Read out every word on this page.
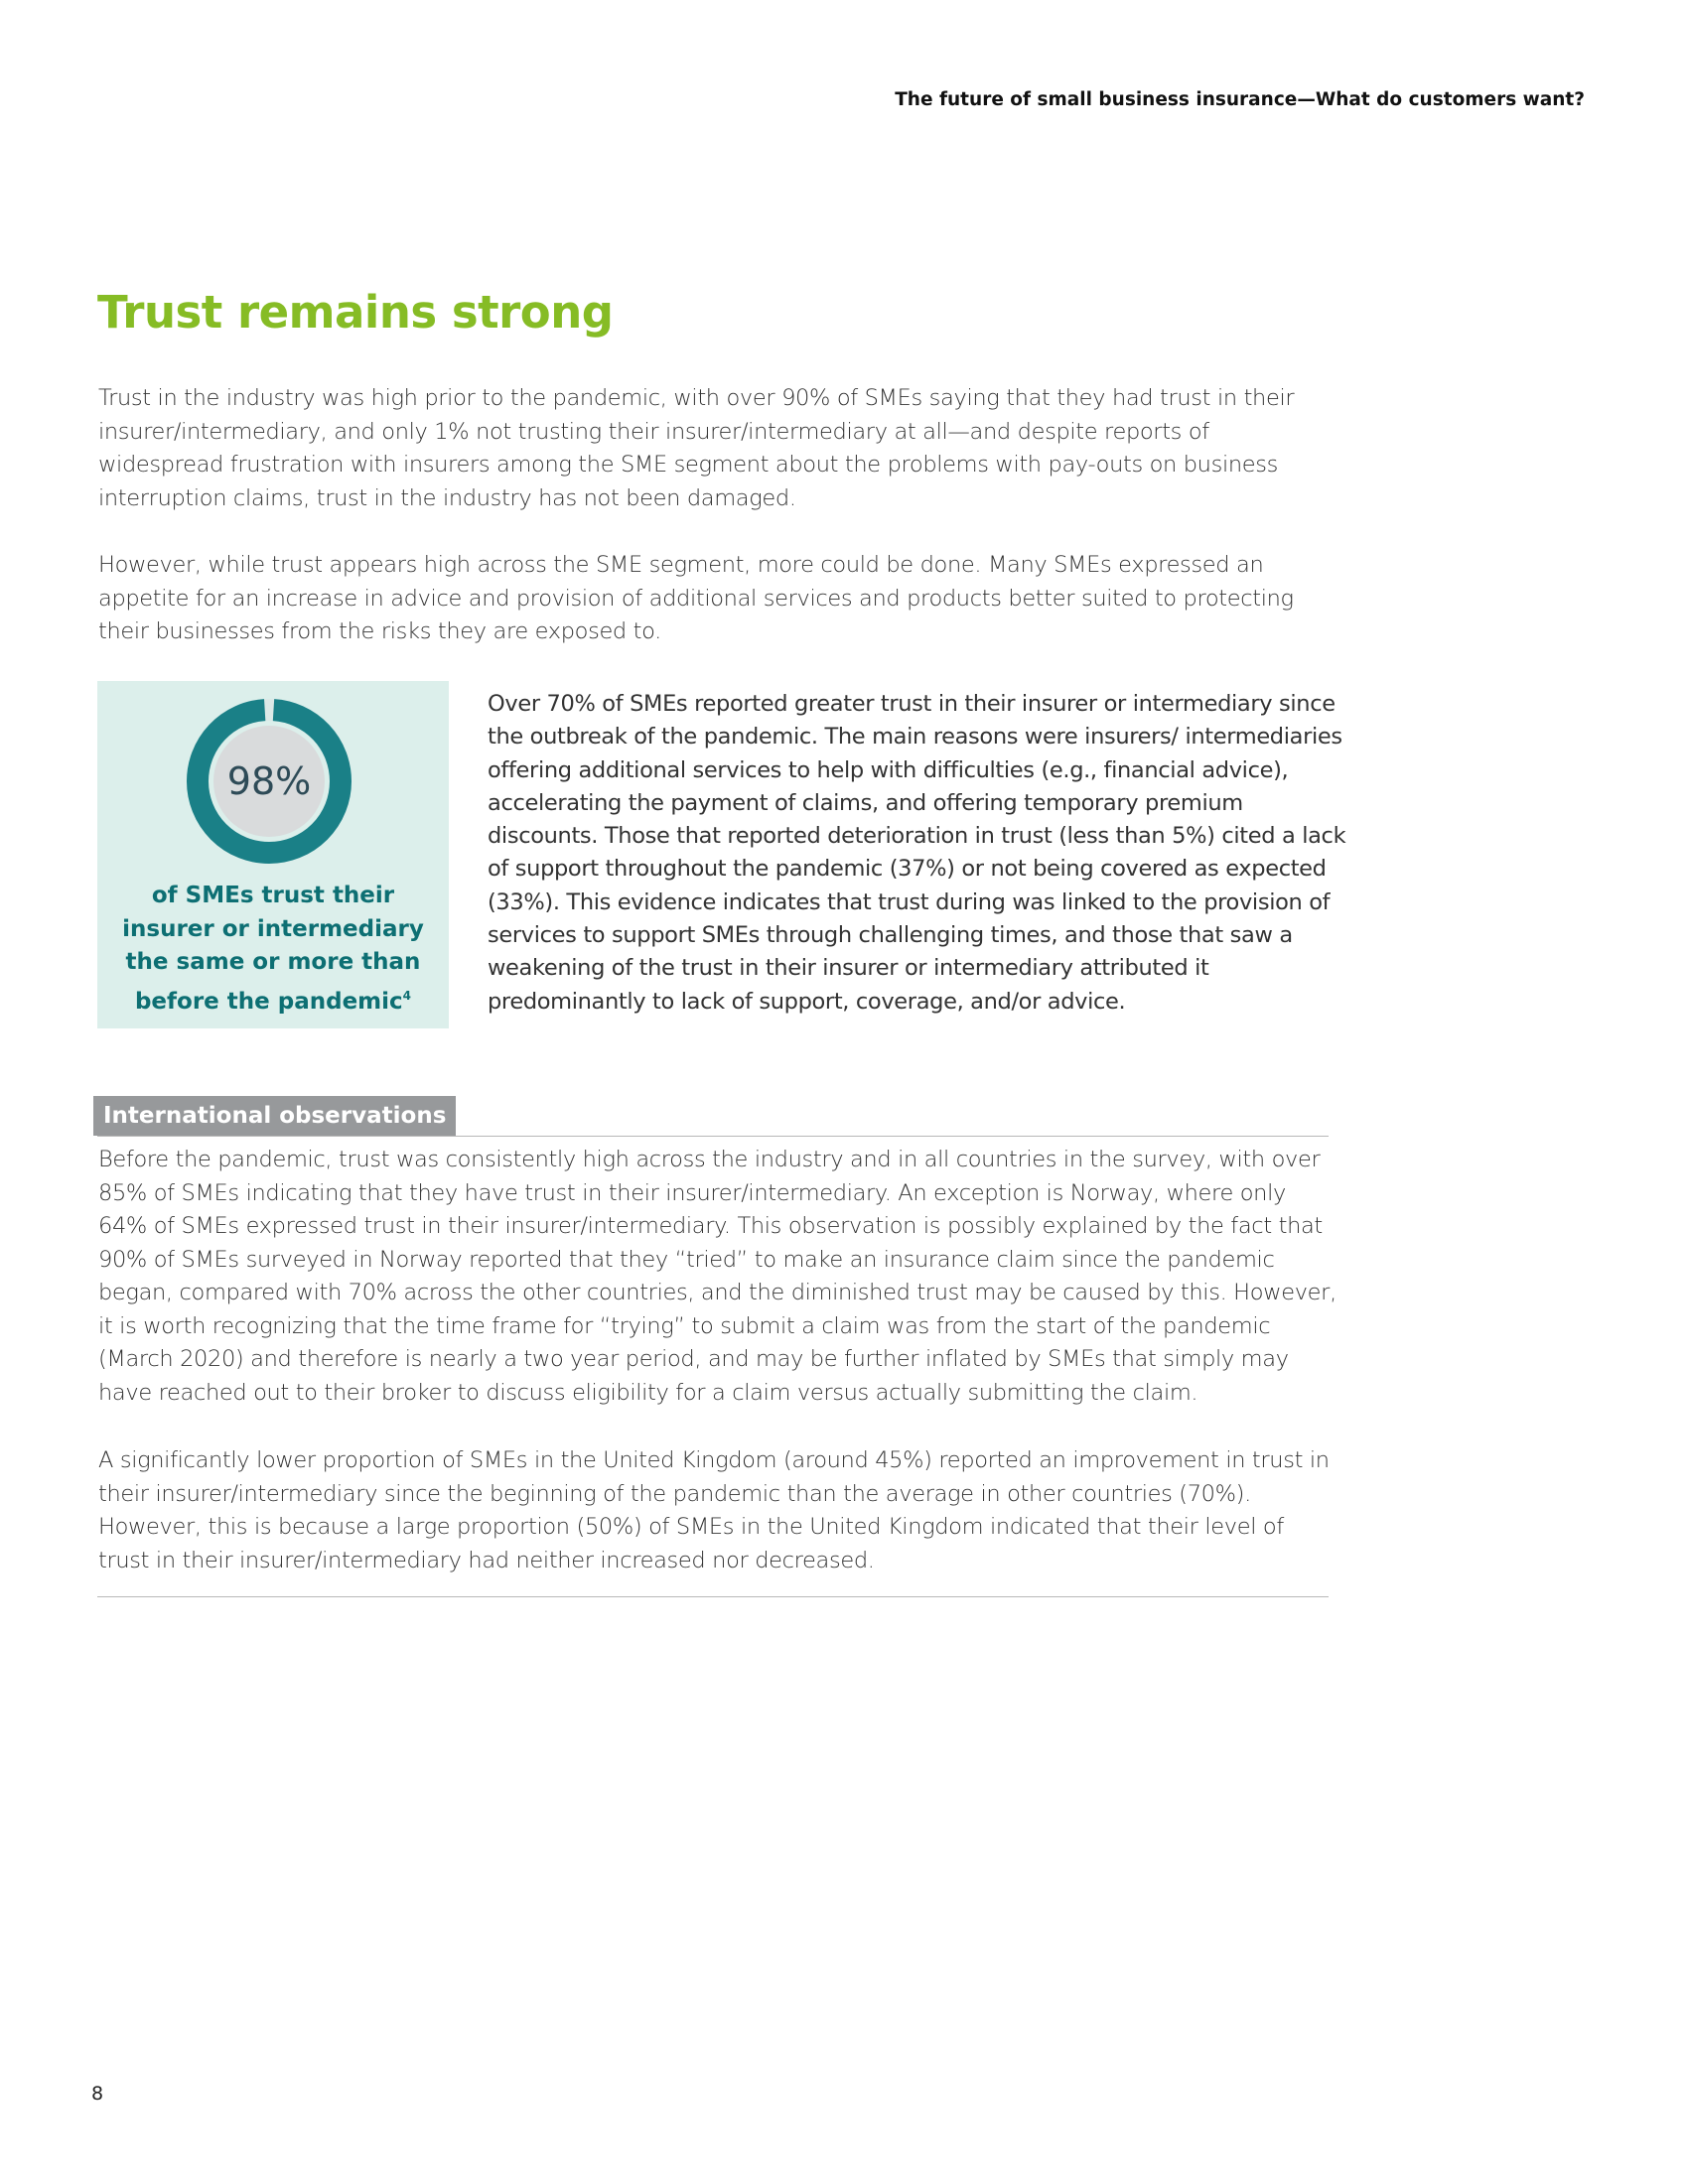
The future of small business insurance—What do customers want?
Trust remains strong

Trust in the industry was high prior to the pandemic, with over 90% of SMEs saying that they had trust in their insurer/intermediary, and only 1% not trusting their insurer/intermediary at all—and despite reports of widespread frustration with insurers among the SME segment about the problems with pay-outs on business interruption claims, trust in the industry has not been damaged.

However, while trust appears high across the SME segment, more could be done. Many SMEs expressed an appetite for an increase in advice and provision of additional services and products better suited to protecting their businesses from the risks they are exposed to.

98%

of SMEs trust their insurer or intermediary the same or more than before the pandemic$^4$

Over 70% of SMEs reported greater trust in their insurer or intermediary since the outbreak of the pandemic. The main reasons were insurers/ intermediaries offering additional services to help with difficulties (e.g., financial advice), accelerating the payment of claims, and offering temporary premium discounts. Those that reported deterioration in trust (less than 5%) cited a lack of support throughout the pandemic (37%) or not being covered as expected (33%). This evidence indicates that trust during was linked to the provision of services to support SMEs through challenging times, and those that saw a weakening of the trust in their insurer or intermediary attributed it predominantly to lack of support, coverage, and/or advice.

International observations

Before the pandemic, trust was consistently high across the industry and in all countries in the survey, with over 85% of SMEs indicating that they have trust in their insurer/intermediary. An exception is Norway, where only 64% of SMEs expressed trust in their insurer/intermediary. This observation is possibly explained by the fact that 90% of SMEs surveyed in Norway reported that they “tried” to make an insurance claim since the pandemic began, compared with 70% across the other countries, and the diminished trust may be caused by this. However, it is worth recognizing that the time frame for “trying” to submit a claim was from the start of the pandemic (March 2020) and therefore is nearly a two year period, and may be further inflated by SMEs that simply may have reached out to their broker to discuss eligibility for a claim versus actually submitting the claim.

A significantly lower proportion of SMEs in the United Kingdom (around 45%) reported an improvement in trust in their insurer/intermediary since the beginning of the pandemic than the average in other countries (70%). However, this is because a large proportion (50%) of SMEs in the United Kingdom indicated that their level of trust in their insurer/intermediary had neither increased nor decreased.

8
